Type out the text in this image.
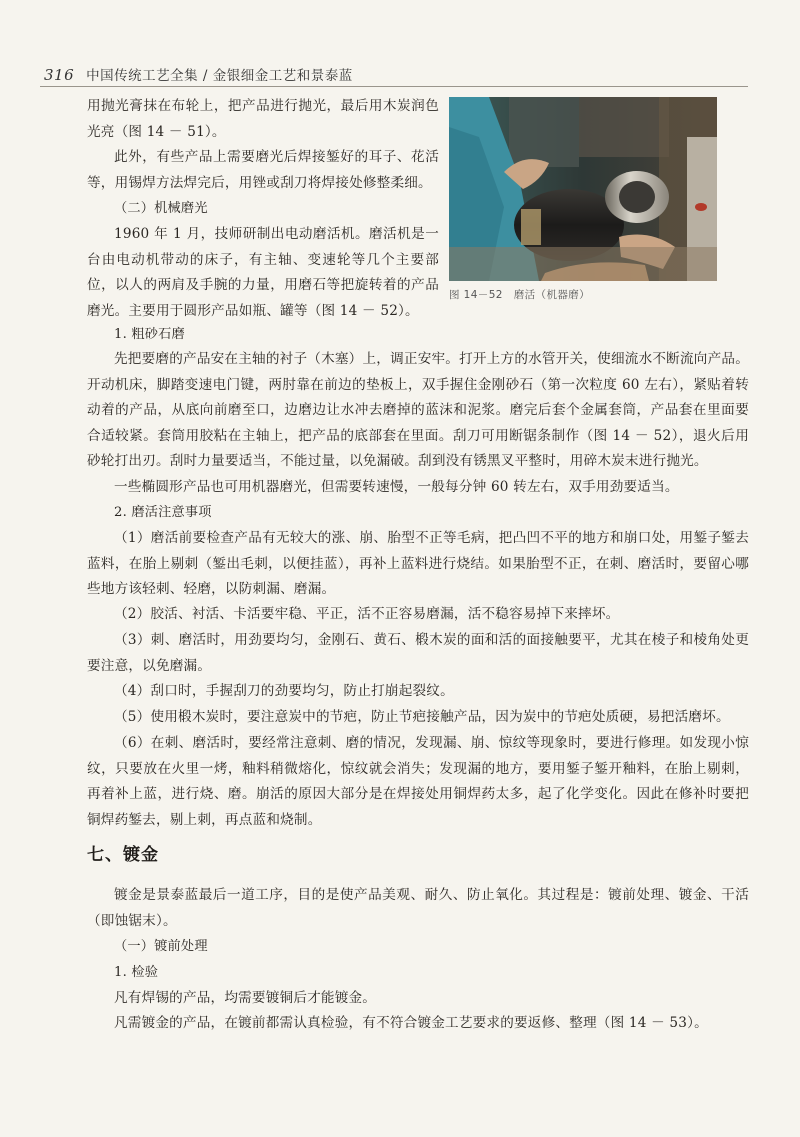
316 中国传统工艺全集 / 金银细金工艺和景泰蓝
图 14－52　磨活（机器磨）

用抛光膏抹在布轮上，把产品进行抛光，最后用木炭润色光亮（图 14 － 51）。

此外，有些产品上需要磨光后焊接錾好的耳子、花活等，用锡焊方法焊完后，用锉或刮刀将焊接处修整柔细。

（二）机械磨光

1960 年 1 月，技师研制出电动磨活机。磨活机是一台由电动机带动的床子，有主轴、变速轮等几个主要部位，以人的两肩及手腕的力量，用磨石等把旋转着的产品磨光。主要用于圆形产品如瓶、罐等（图 14 － 52）。

1. 粗砂石磨

先把要磨的产品安在主轴的衬子（木塞）上，调正安牢。打开上方的水管开关，使细流水不断流向产品。开动机床，脚踏变速电门键，两肘靠在前边的垫板上，双手握住金刚砂石（第一次粒度 60 左右），紧贴着转动着的产品，从底向前磨至口，边磨边让水冲去磨掉的蓝沫和泥浆。磨完后套个金属套筒，产品套在里面要合适较紧。套筒用胶粘在主轴上，把产品的底部套在里面。刮刀可用断锯条制作（图 14 － 52），退火后用砂轮打出刃。刮时力量要适当，不能过量，以免漏破。刮到没有锈黑叉平整时，用碎木炭末进行抛光。

一些椭圆形产品也可用机器磨光，但需要转速慢，一般每分钟 60 转左右，双手用劲要适当。

2. 磨活注意事项

（1）磨活前要检查产品有无较大的涨、崩、胎型不正等毛病，把凸凹不平的地方和崩口处，用錾子錾去蓝料，在胎上剔刺（錾出毛刺，以便挂蓝），再补上蓝料进行烧结。如果胎型不正，在刺、磨活时，要留心哪些地方该轻刺、轻磨，以防刺漏、磨漏。

（2）胶活、衬活、卡活要牢稳、平正，活不正容易磨漏，活不稳容易掉下来摔坏。

（3）刺、磨活时，用劲要均匀，金刚石、黄石、椴木炭的面和活的面接触要平，尤其在棱子和棱角处更要注意，以免磨漏。

（4）刮口时，手握刮刀的劲要均匀，防止打崩起裂纹。

（5）使用椴木炭时，要注意炭中的节疤，防止节疤接触产品，因为炭中的节疤处质硬，易把活磨坏。

（6）在刺、磨活时，要经常注意刺、磨的情况，发现漏、崩、惊纹等现象时，要进行修理。如发现小惊纹，只要放在火里一烤，釉料稍微熔化，惊纹就会消失；发现漏的地方，要用錾子錾开釉料，在胎上剔刺，再着补上蓝，进行烧、磨。崩活的原因大部分是在焊接处用铜焊药太多，起了化学变化。因此在修补时要把铜焊药錾去，剔上刺，再点蓝和烧制。

七、镀金

镀金是景泰蓝最后一道工序，目的是使产品美观、耐久、防止氧化。其过程是：镀前处理、镀金、干活（即蚀锯末）。

（一）镀前处理

1. 检验

凡有焊锡的产品，均需要镀铜后才能镀金。

凡需镀金的产品，在镀前都需认真检验，有不符合镀金工艺要求的要返修、整理（图 14 － 53）。
